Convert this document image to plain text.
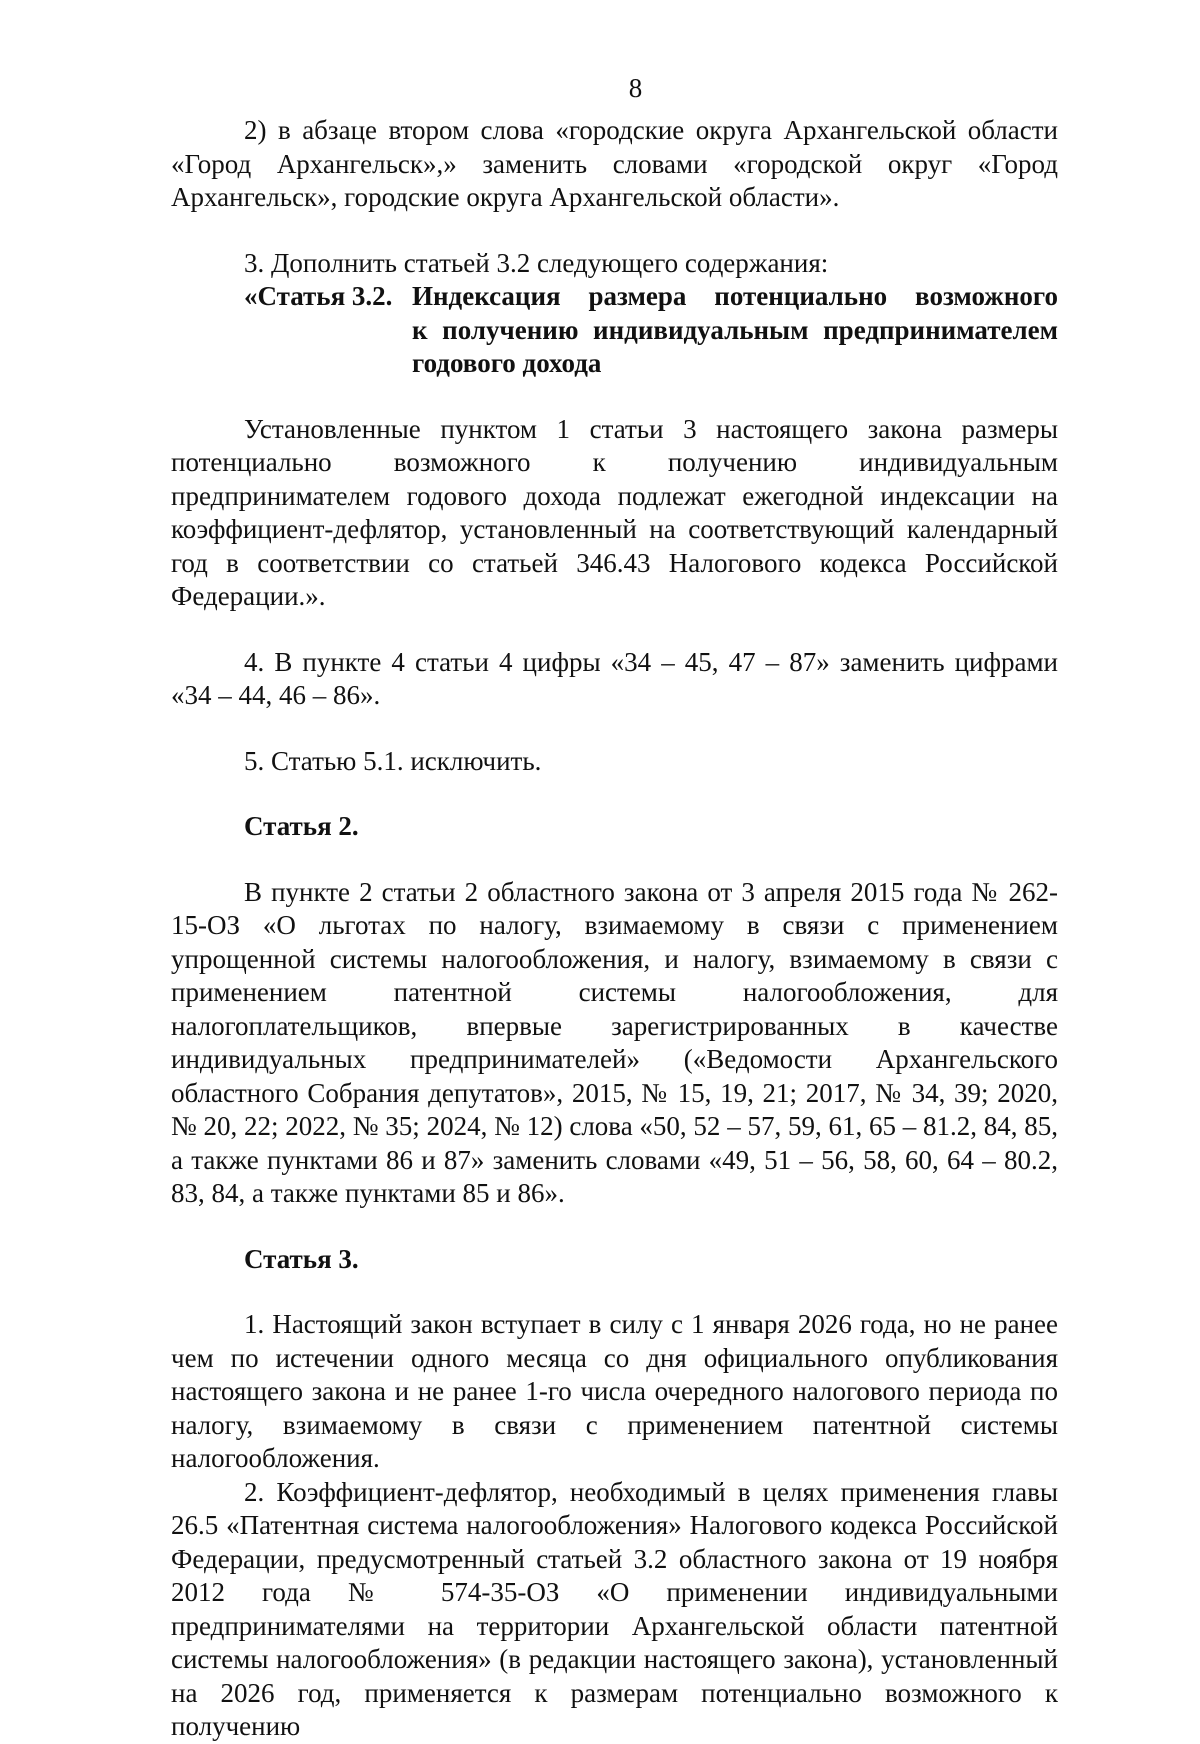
8

2) в абзаце втором слова «городские округа Архангельской области «Город Архангельск»,» заменить словами «городской округ «Город Архангельск», городские округа Архангельской области».

3. Дополнить статьей 3.2 следующего содержания:

«Статья 3.2. Индексация размера потенциально возможного
к получению индивидуальным предпринимателем
годового дохода

Установленные пунктом 1 статьи 3 настоящего закона размеры потенциально возможного к получению индивидуальным предпринимателем годового дохода подлежат ежегодной индексации на коэффициент-дефлятор, установленный на соответствующий календарный год в соответствии со статьей 346.43 Налогового кодекса Российской Федерации.».

4. В пункте 4 статьи 4 цифры «34 – 45, 47 – 87» заменить цифрами «34 – 44, 46 – 86».

5. Статью 5.1. исключить.

Статья 2.

В пункте 2 статьи 2 областного закона от 3 апреля 2015 года № 262-15-ОЗ «О льготах по налогу, взимаемому в связи с применением упрощенной системы налогообложения, и налогу, взимаемому в связи с применением патентной системы налогообложения, для налогоплательщиков, впервые зарегистрированных в качестве индивидуальных предпринимателей» («Ведомости Архангельского областного Собрания депутатов», 2015, № 15, 19, 21; 2017, № 34, 39; 2020, № 20, 22; 2022, № 35; 2024, № 12) слова «50, 52 – 57, 59, 61, 65 – 81.2, 84, 85, а также пунктами 86 и 87» заменить словами «49, 51 – 56, 58, 60, 64 – 80.2, 83, 84, а также пунктами 85 и 86».

Статья 3.

1. Настоящий закон вступает в силу с 1 января 2026 года, но не ранее чем по истечении одного месяца со дня официального опубликования настоящего закона и не ранее 1-го числа очередного налогового периода по налогу, взимаемому в связи с применением патентной системы налогообложения.

2. Коэффициент-дефлятор, необходимый в целях применения главы 26.5 «Патентная система налогообложения» Налогового кодекса Российской Федерации, предусмотренный статьей 3.2 областного закона от 19 ноября 2012 года № 574-35-ОЗ «О применении индивидуальными предпринимателями на территории Архангельской области патентной системы налогообложения» (в редакции настоящего закона), установленный на 2026 год, применяется к размерам потенциально возможного к получению
